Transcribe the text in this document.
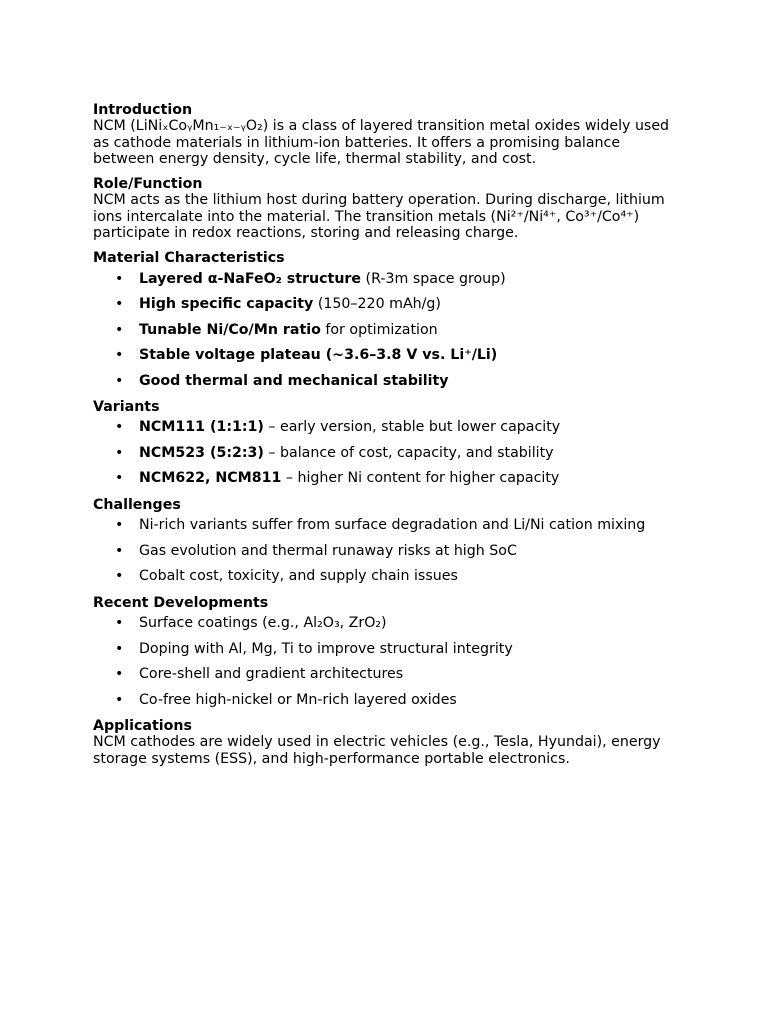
Introduction

NCM (LiNiₓCoᵧMn₁₋ₓ₋ᵧO₂) is a class of layered transition metal oxides widely used as cathode materials in lithium-ion batteries. It offers a promising balance between energy density, cycle life, thermal stability, and cost.

Role/Function

NCM acts as the lithium host during battery operation. During discharge, lithium ions intercalate into the material. The transition metals (Ni²⁺/Ni⁴⁺, Co³⁺/Co⁴⁺) participate in redox reactions, storing and releasing charge.

Material Characteristics

• Layered α-NaFeO₂ structure (R-3m space group)
• High specific capacity (150–220 mAh/g)
• Tunable Ni/Co/Mn ratio for optimization
• Stable voltage plateau (~3.6–3.8 V vs. Li⁺/Li)
• Good thermal and mechanical stability

Variants

• NCM111 (1:1:1) – early version, stable but lower capacity
• NCM523 (5:2:3) – balance of cost, capacity, and stability
• NCM622, NCM811 – higher Ni content for higher capacity

Challenges

• Ni-rich variants suffer from surface degradation and Li/Ni cation mixing
• Gas evolution and thermal runaway risks at high SoC
• Cobalt cost, toxicity, and supply chain issues

Recent Developments

• Surface coatings (e.g., Al₂O₃, ZrO₂)
• Doping with Al, Mg, Ti to improve structural integrity
• Core-shell and gradient architectures
• Co-free high-nickel or Mn-rich layered oxides

Applications

NCM cathodes are widely used in electric vehicles (e.g., Tesla, Hyundai), energy storage systems (ESS), and high-performance portable electronics.
